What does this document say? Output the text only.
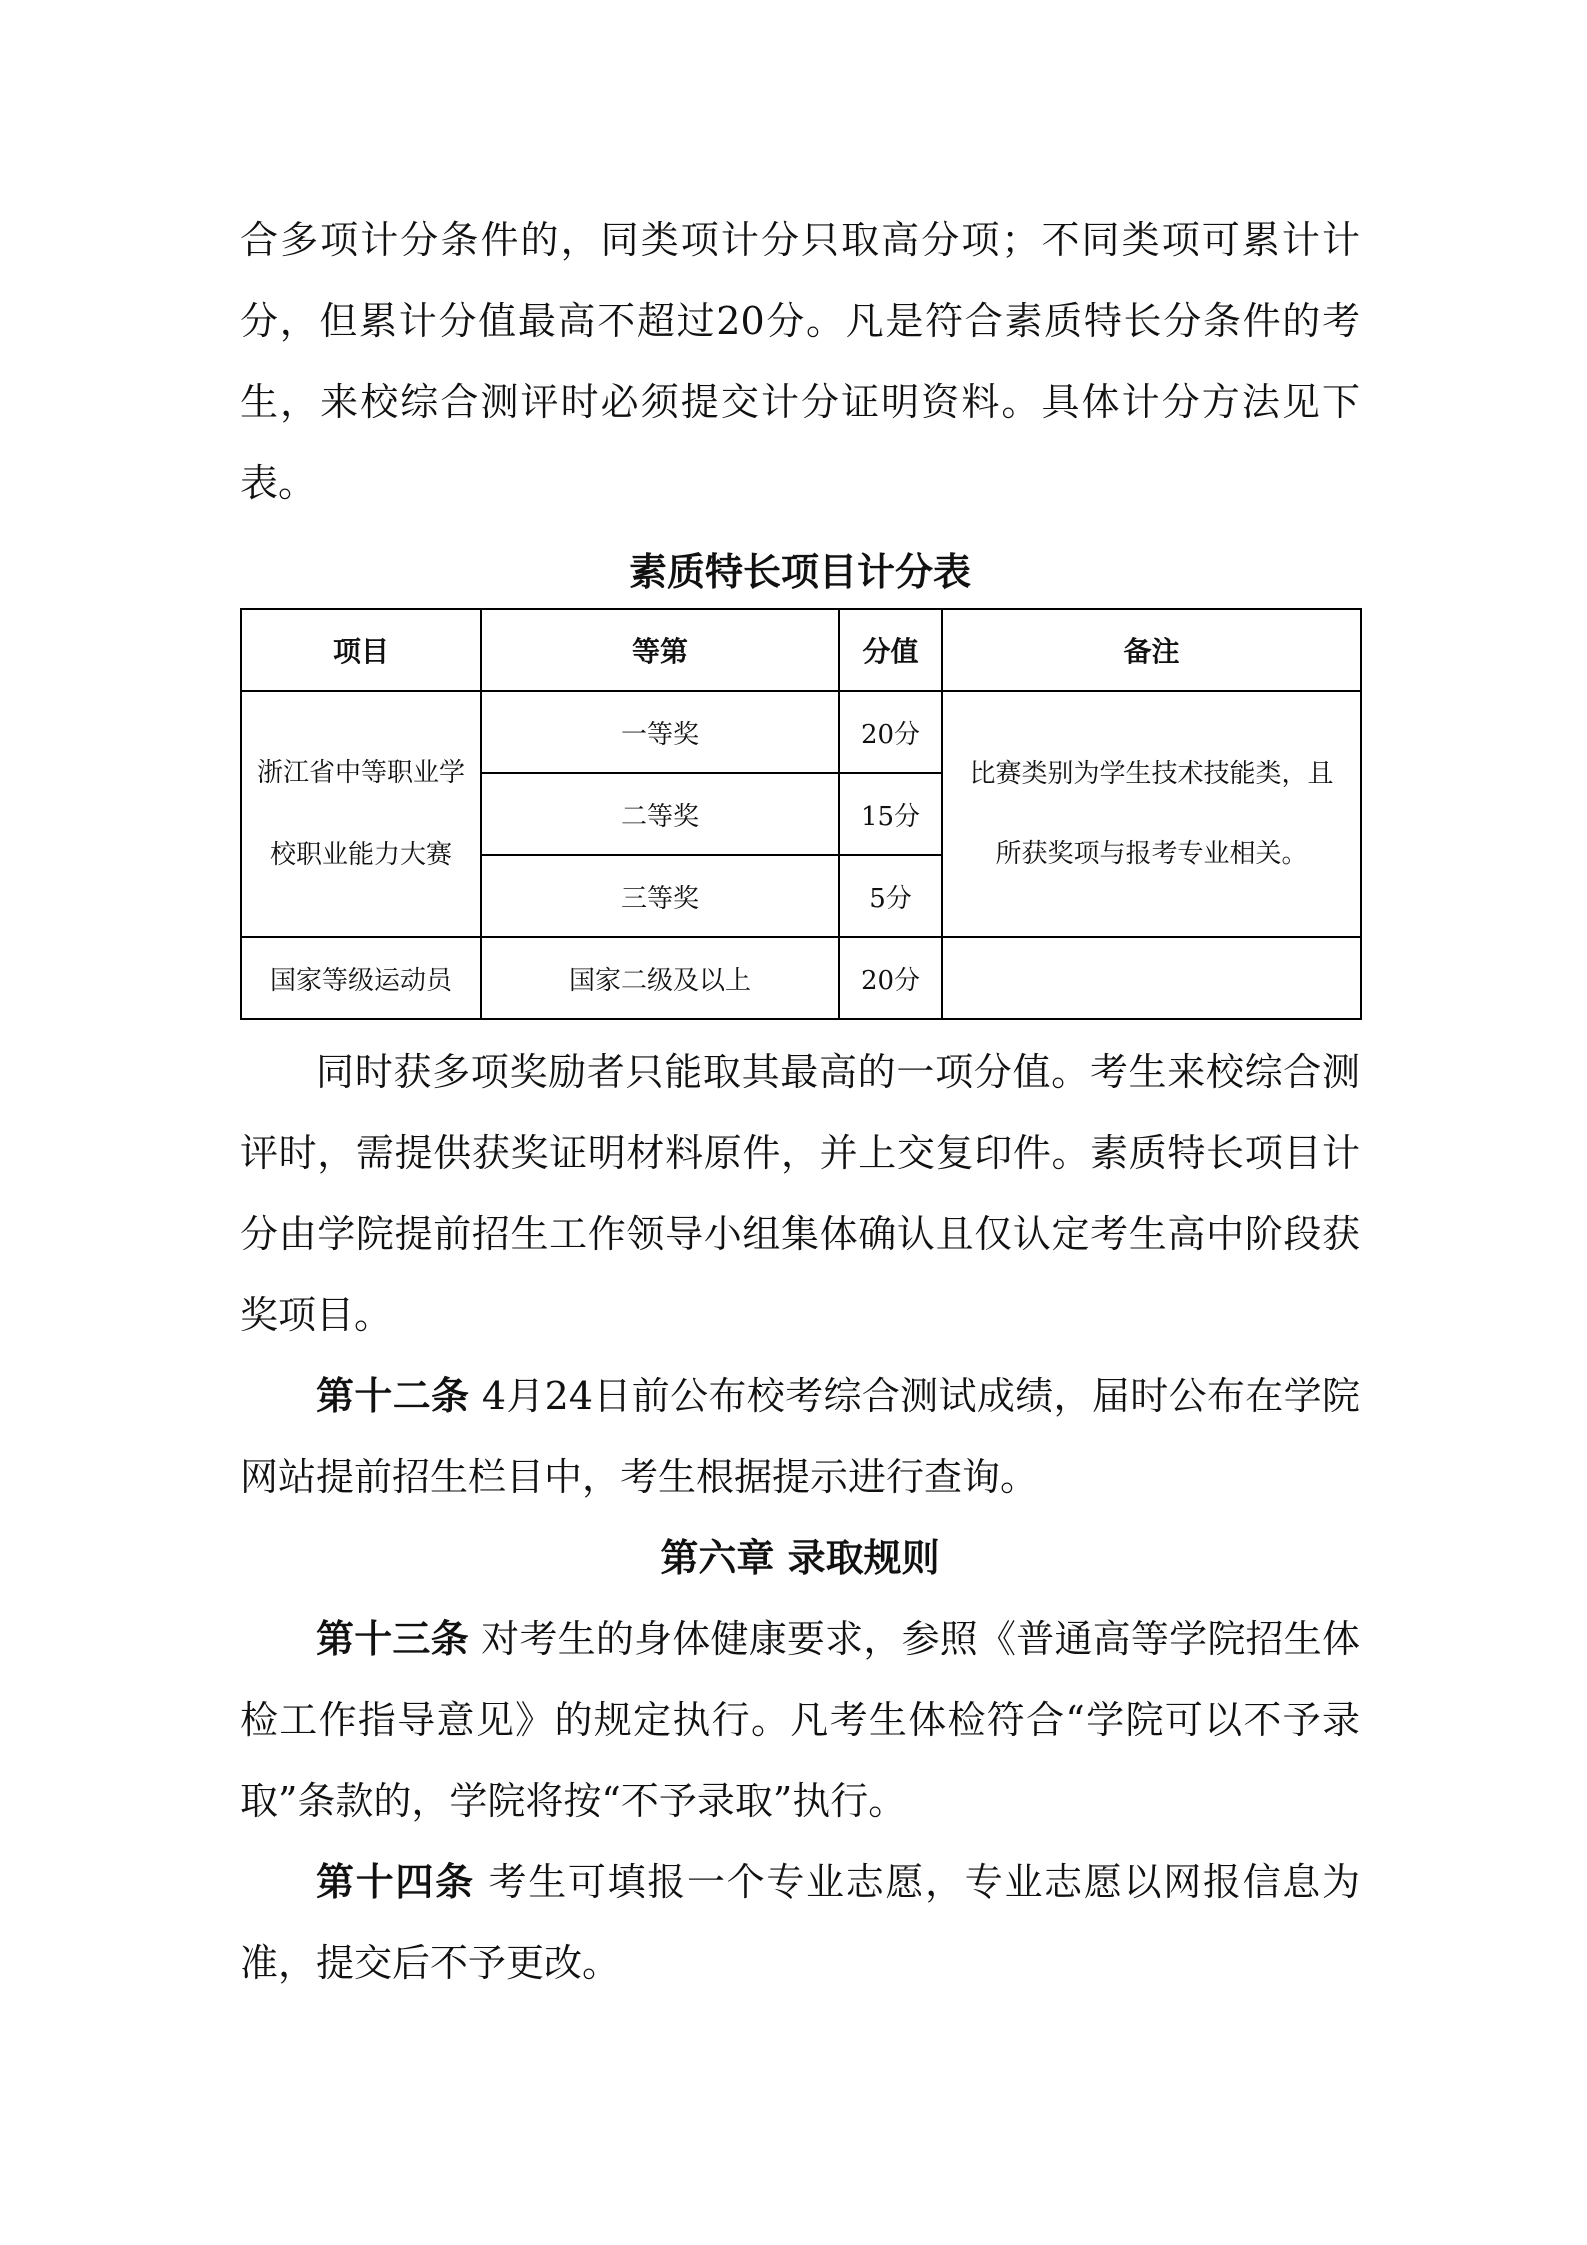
合多项计分条件的，同类项计分只取高分项；不同类项可累计计分，但累计分值最高不超过20分。凡是符合素质特长分条件的考生，来校综合测评时必须提交计分证明资料。具体计分方法见下表。

素质特长项目计分表

项目	等第	分值	备注
浙江省中等职业学校职业能力大赛	一等奖	20分	比赛类别为学生技术技能类，且所获奖项与报考专业相关。
	二等奖	15分	
	三等奖	5分	
国家等级运动员	国家二级及以上	20分	

同时获多项奖励者只能取其最高的一项分值。考生来校综合测评时，需提供获奖证明材料原件，并上交复印件。素质特长项目计分由学院提前招生工作领导小组集体确认且仅认定考生高中阶段获奖项目。

第十二条 4月24日前公布校考综合测试成绩，届时公布在学院网站提前招生栏目中，考生根据提示进行查询。

第六章 录取规则

第十三条 对考生的身体健康要求，参照《普通高等学院招生体检工作指导意见》的规定执行。凡考生体检符合“学院可以不予录取”条款的，学院将按“不予录取”执行。

第十四条 考生可填报一个专业志愿，专业志愿以网报信息为准，提交后不予更改。
